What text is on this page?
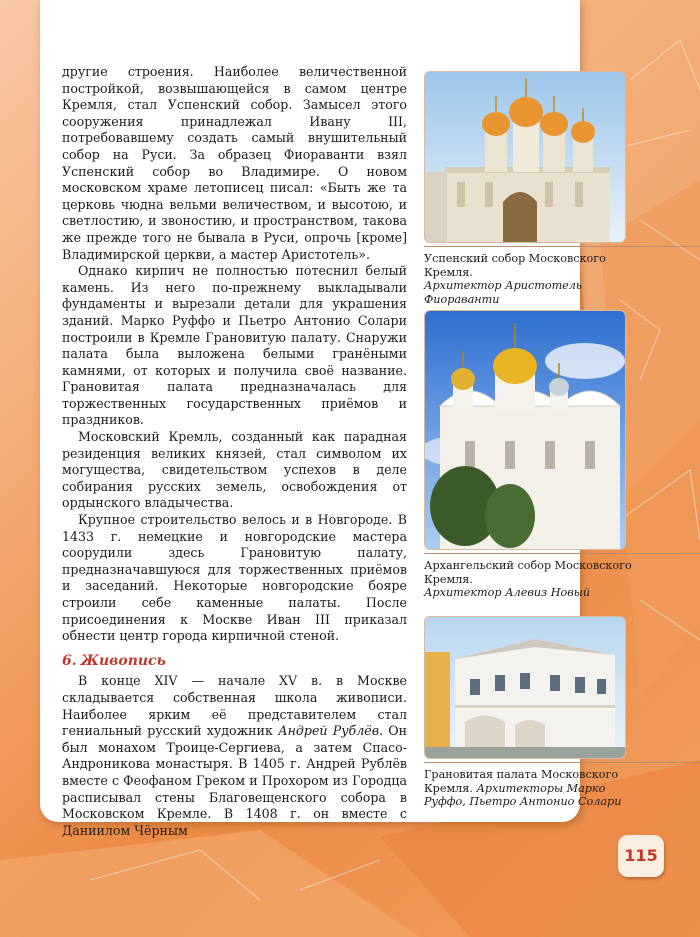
другие строения. Наиболее величественной постройкой, возвышающейся в самом центре Кремля, стал Успенский собор. Замысел этого сооружения принадлежал Ивану III, потребовавшему создать самый внушительный собор на Руси. За образец Фиораванти взял Успенский собор во Владимире. О новом московском храме летописец писал: «Быть же та церковь чюдна вельми величеством, и высотою, и светлостию, и звоностию, и пространством, такова же прежде того не бывала в Руси, опрочь [кроме] Владимирской церкви, а мастер Аристотель».

Однако кирпич не полностью потеснил белый камень. Из него по-прежнему выкладывали фундаменты и вырезали детали для украшения зданий. Марко Руффо и Пьетро Антонио Солари построили в Кремле Грановитую палату. Снаружи палата была выложена белыми гранёными камнями, от которых и получила своё название. Грановитая палата предназначалась для торжественных государственных приёмов и праздников.

Московский Кремль, созданный как парадная резиденция великих князей, стал символом их могущества, свидетельством успехов в деле собирания русских земель, освобождения от ордынского владычества.

Крупное строительство велось и в Новгороде. В 1433 г. немецкие и новгородские мастера соорудили здесь Грановитую палату, предназначавшуюся для торжественных приёмов и заседаний. Некоторые новгородские бояре строили себе каменные палаты. После присоединения к Москве Иван III приказал обнести центр города кирпичной стеной.

6. Живопись

В конце XIV — начале XV в. в Москве складывается собственная школа живописи. Наиболее ярким её представителем стал гениальный русский художник Андрей Рублёв. Он был монахом Троице-Сергиева, а затем Спасо-Андроникова монастыря. В 1405 г. Андрей Рублёв вместе с Феофаном Греком и Прохором из Городца расписывал стены Благовещенского собора в Московском Кремле. В 1408 г. он вместе с Даниилом Чёрным

Успенский собор Московского Кремля.
Архитектор Аристотель Фиораванти
Архангельский собор Московского Кремля.
Архитектор Алевиз Новый
Грановитая палата Московского Кремля. Архитекторы Марко Руффо, Пьетро Антонио Солари
115
